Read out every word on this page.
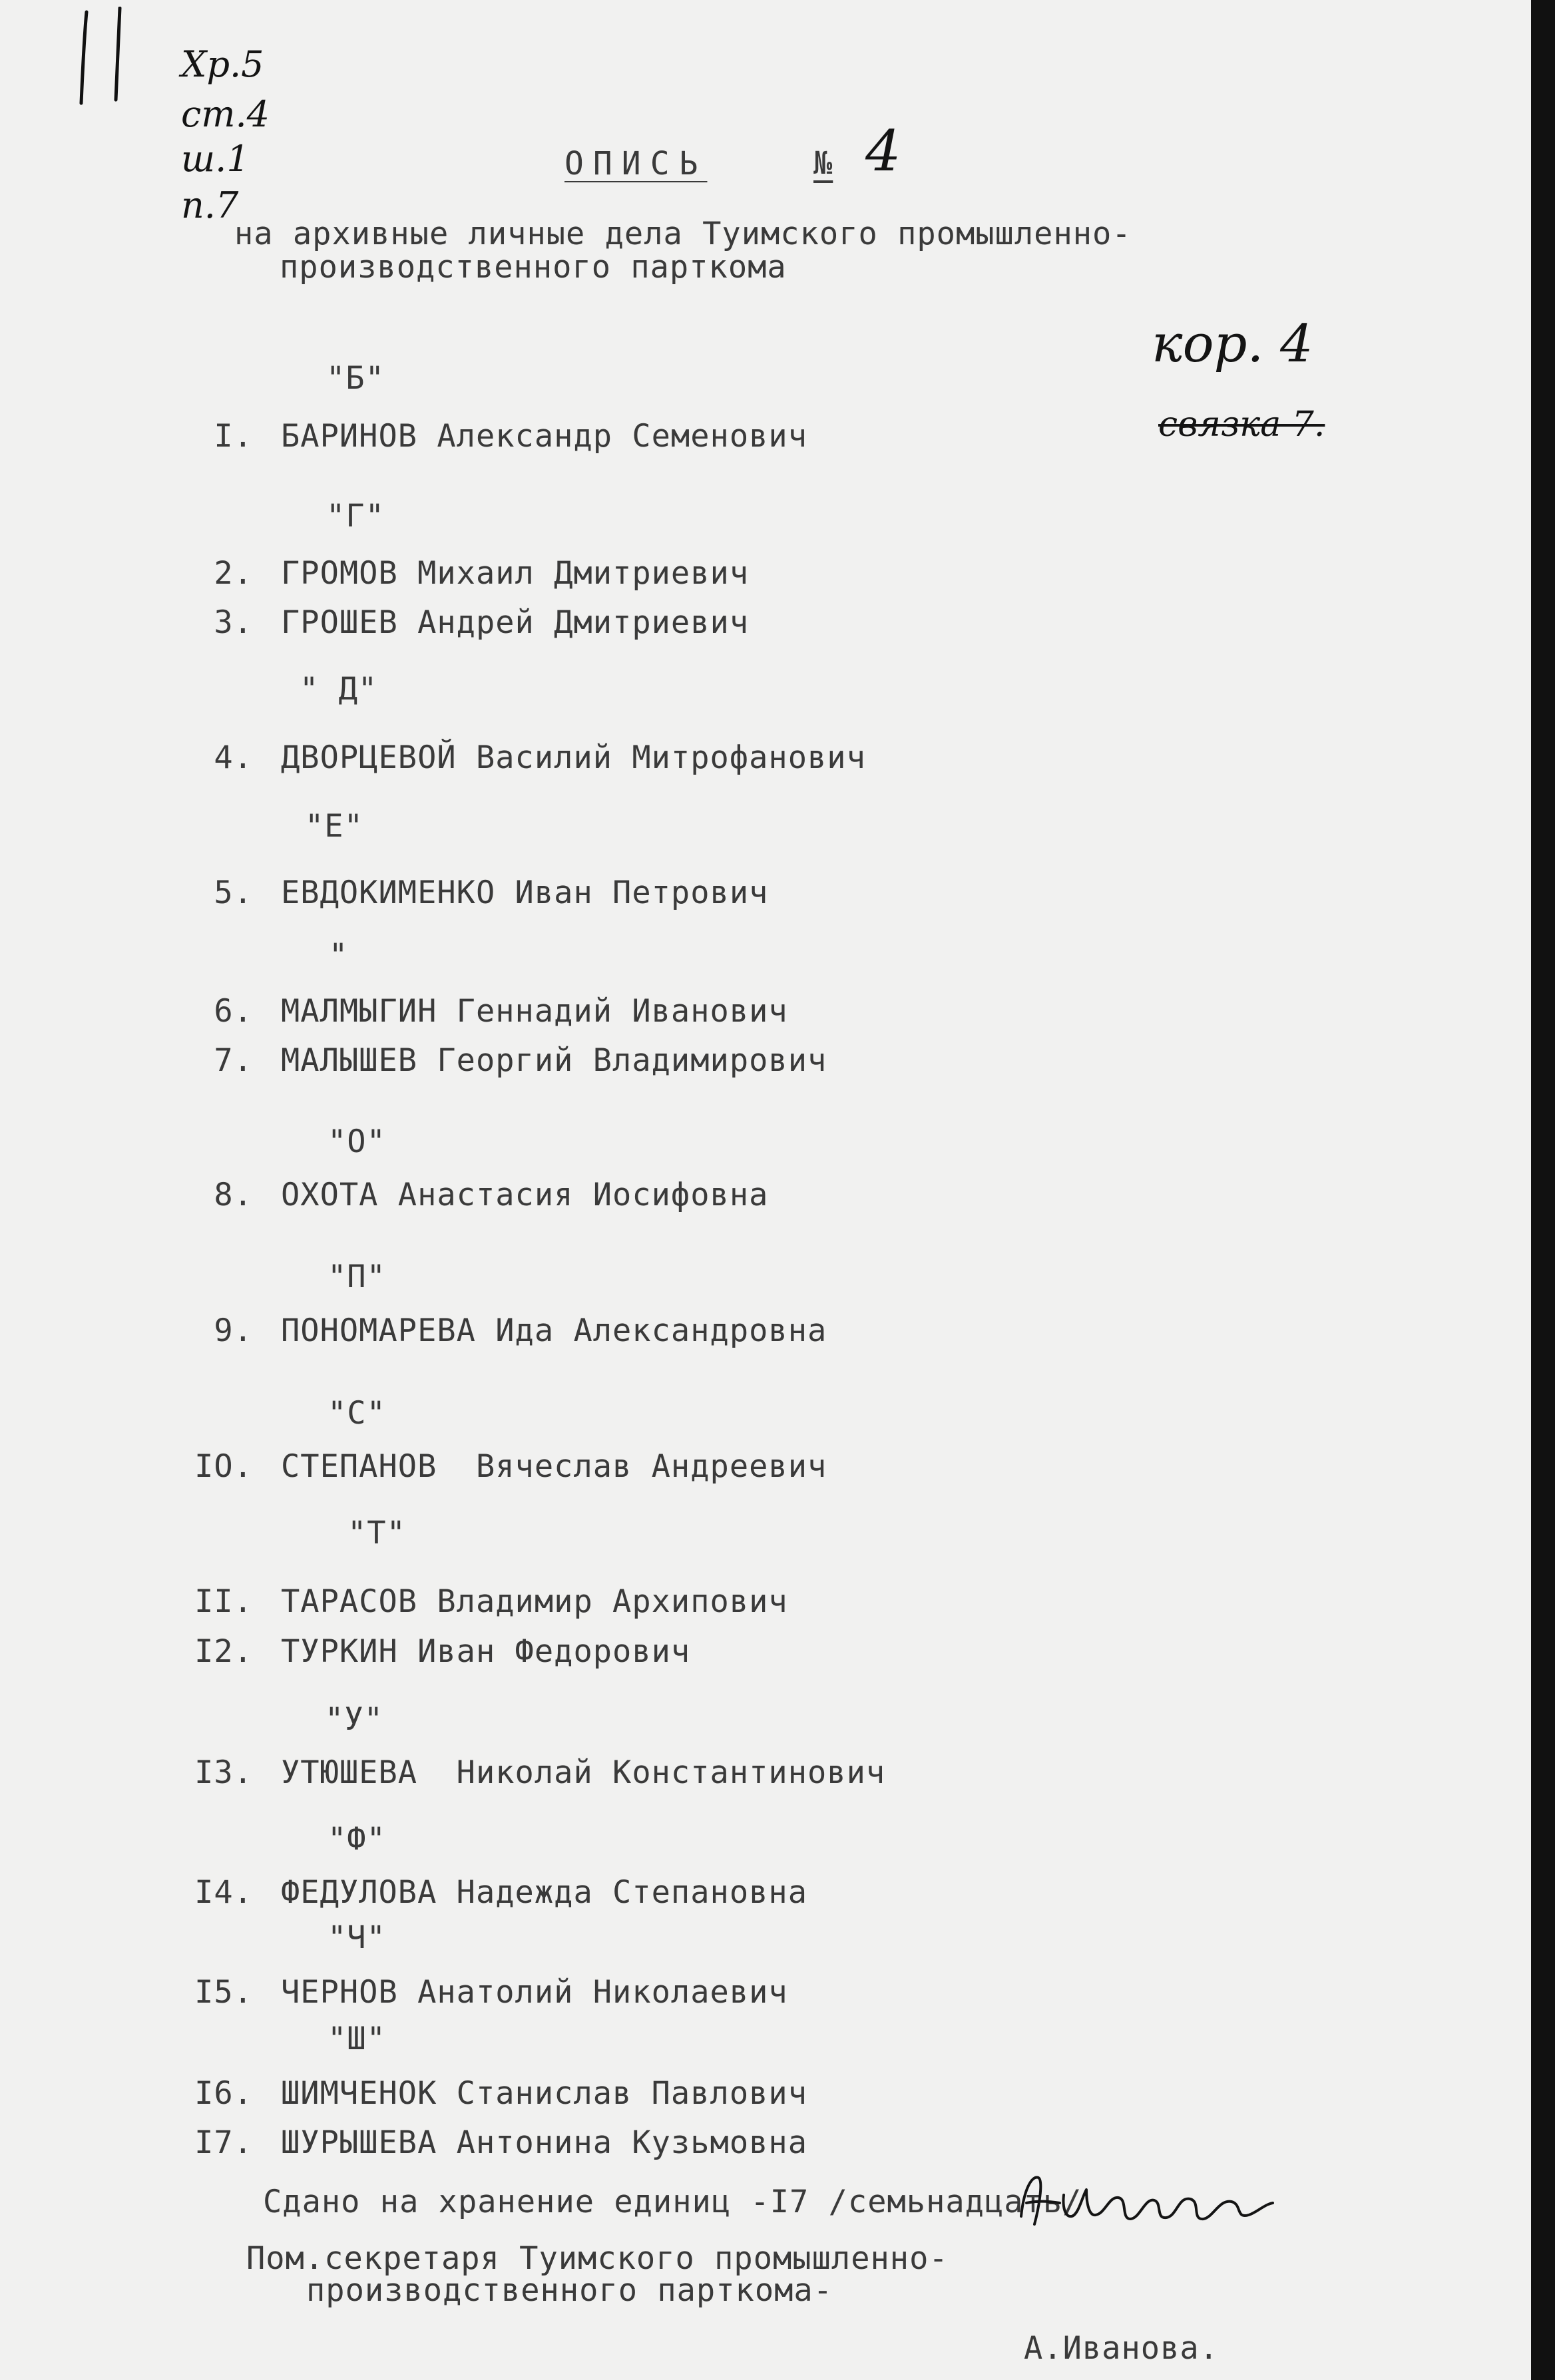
Хр.5
ст.4
ш.1
п.7
ОПИСЬ	№ 4
на архивные личные дела Туимского промышленно-
производственного парткома
кор. 4
связка 7.
"Б"
I. БАРИНОВ Александр Семенович
"Г"
2. ГРОМОВ Михаил Дмитриевич
3. ГРОШЕВ Андрей Дмитриевич
" Д"
4. ДВОРЦЕВОЙ Василий Митрофанович
"Е"
5. ЕВДОКИМЕНКО Иван Петрович
"
6. МАЛМЫГИН Геннадий Иванович
7. МАЛЫШЕВ Георгий Владимирович
"О"
8. ОХОТА Анастасия Иосифовна
"П"
9. ПОНОМАРЕВА Ида Александровна
"С"
IO. СТЕПАНОВ  Вячеслав Андреевич
"Т"
II. ТАРАСОВ Владимир Архипович
I2. ТУРКИН Иван Федорович
"У"
I3. УТЮШЕВА  Николай Константинович
"Ф"
I4. ФЕДУЛОВА Надежда Степановна
"Ч"
I5. ЧЕРНОВ Анатолий Николаевич
"Ш"
I6. ШИМЧЕНОК Станислав Павлович
I7. ШУРЫШЕВА Антонина Кузьмовна
Сдано на хранение единиц -I7 /семьнадцать/
Пом.секретаря Туимского промышленно-
производственного парткома-
А.Иванова.
